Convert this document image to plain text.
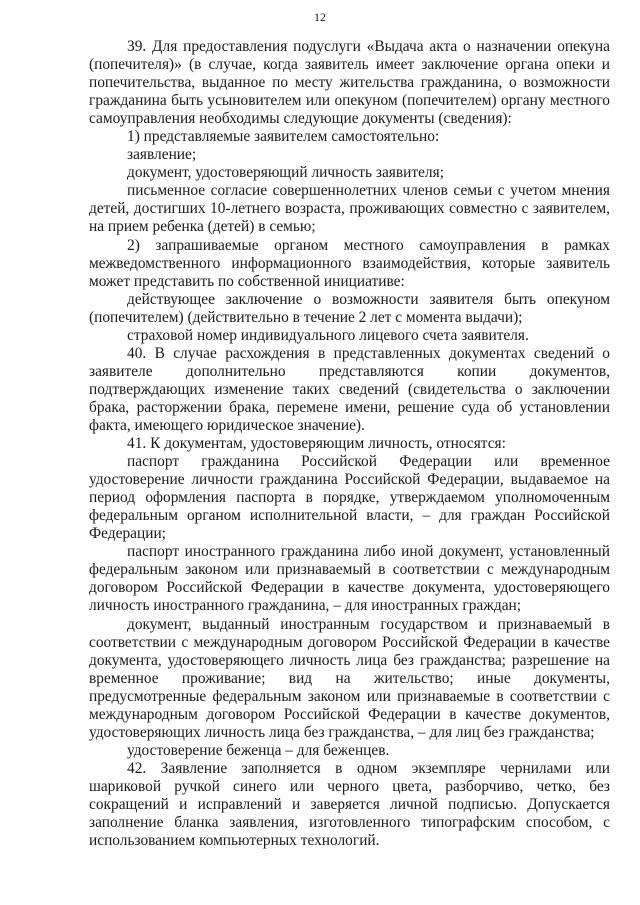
12

39. Для предоставления подуслуги «Выдача акта о назначении опекуна (попечителя)» (в случае, когда заявитель имеет заключение органа опеки и попечительства, выданное по месту жительства гражданина, о возможности гражданина быть усыновителем или опекуном (попечителем) органу местного самоуправления необходимы следующие документы (сведения):

1) представляемые заявителем самостоятельно:

заявление;

документ, удостоверяющий личность заявителя;

письменное согласие совершеннолетних членов семьи с учетом мнения детей, достигших 10-летнего возраста, проживающих совместно с заявителем, на прием ребенка (детей) в семью;

2) запрашиваемые органом местного самоуправления в рамках межведомственного информационного взаимодействия, которые заявитель может представить по собственной инициативе:

действующее заключение о возможности заявителя быть опекуном (попечителем) (действительно в течение 2 лет с момента выдачи);

страховой номер индивидуального лицевого счета заявителя.

40. В случае расхождения в представленных документах сведений о заявителе дополнительно представляются копии документов, подтверждающих изменение таких сведений (свидетельства о заключении брака, расторжении брака, перемене имени, решение суда об установлении факта, имеющего юридическое значение).

41. К документам, удостоверяющим личность, относятся:

паспорт гражданина Российской Федерации или временное удостоверение личности гражданина Российской Федерации, выдаваемое на период оформления паспорта в порядке, утверждаемом уполномоченным федеральным органом исполнительной власти, – для граждан Российской Федерации;

паспорт иностранного гражданина либо иной документ, установленный федеральным законом или признаваемый в соответствии с международным договором Российской Федерации в качестве документа, удостоверяющего личность иностранного гражданина, – для иностранных граждан;

документ, выданный иностранным государством и признаваемый в соответствии с международным договором Российской Федерации в качестве документа, удостоверяющего личность лица без гражданства; разрешение на временное проживание; вид на жительство; иные документы, предусмотренные федеральным законом или признаваемые в соответствии с международным договором Российской Федерации в качестве документов, удостоверяющих личность лица без гражданства, – для лиц без гражданства;

удостоверение беженца – для беженцев.

42. Заявление заполняется в одном экземпляре чернилами или шариковой ручкой синего или черного цвета, разборчиво, четко, без сокращений и исправлений и заверяется личной подписью. Допускается заполнение бланка заявления, изготовленного типографским способом, с использованием компьютерных технологий.
